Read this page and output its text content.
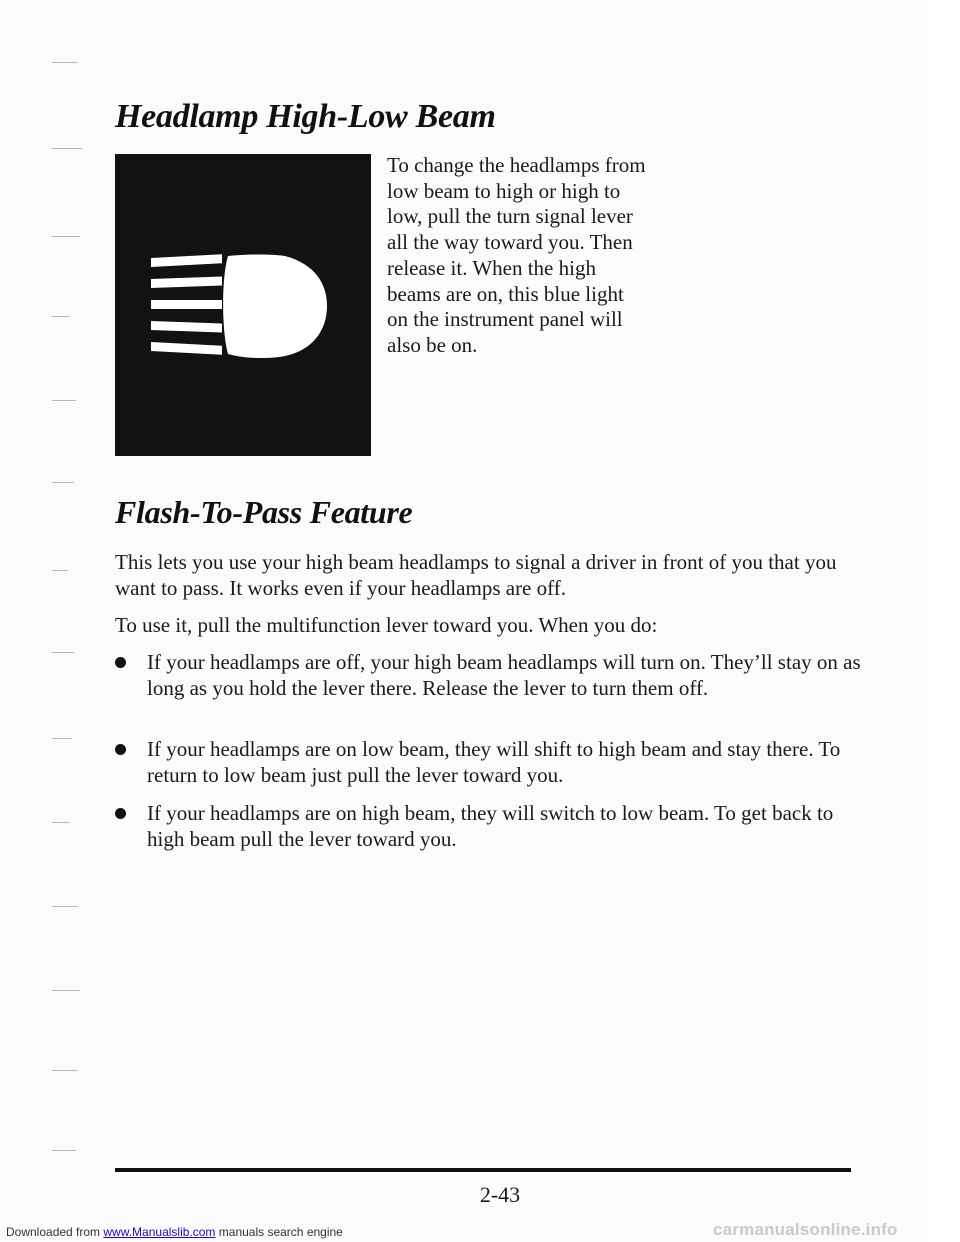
Headlamp High-Low Beam

To change the headlamps from low beam to high or high to low, pull the turn signal lever all the way toward you. Then release it. When the high beams are on, this blue light on the instrument panel will also be on.

Flash-To-Pass Feature

This lets you use your high beam headlamps to signal a driver in front of you that you want to pass. It works even if your headlamps are off.

To use it, pull the multifunction lever toward you. When you do:

If your headlamps are off, your high beam headlamps will turn on. They’ll stay on as long as you hold the lever there. Release the lever to turn them off.

If your headlamps are on low beam, they will shift to high beam and stay there. To return to low beam just pull the lever toward you.

If your headlamps are on high beam, they will switch to low beam. To get back to high beam pull the lever toward you.

2-43
Downloaded from www.Manualslib.com manuals search engine	carmanualsonline.info
